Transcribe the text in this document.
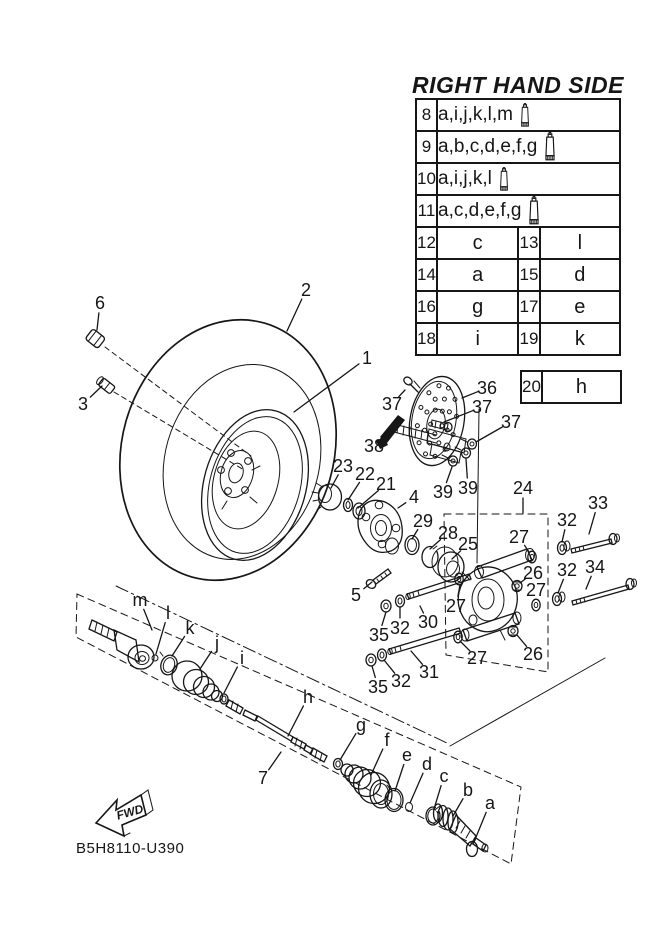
FWD
6
3
2
1
36
37	37
37
38
39 39
23 22 21
4
29
28
25
24
27
26
32
33
27
32 34
5
35 32 30
27
35 32 31
27 26
m
l
k
j
i
h
7
g
f
e d
c
b
a
RIGHT HAND SIDE
8	a,i,j,k,l,m		
9	a,b,c,d,e,f,g		
10	a,i,j,k,l		
11	a,c,d,e,f,g		
12	c	13	l
14	a	15	d
16	g	17	e
18	i	19	k
20	h
B5H8110-U390
